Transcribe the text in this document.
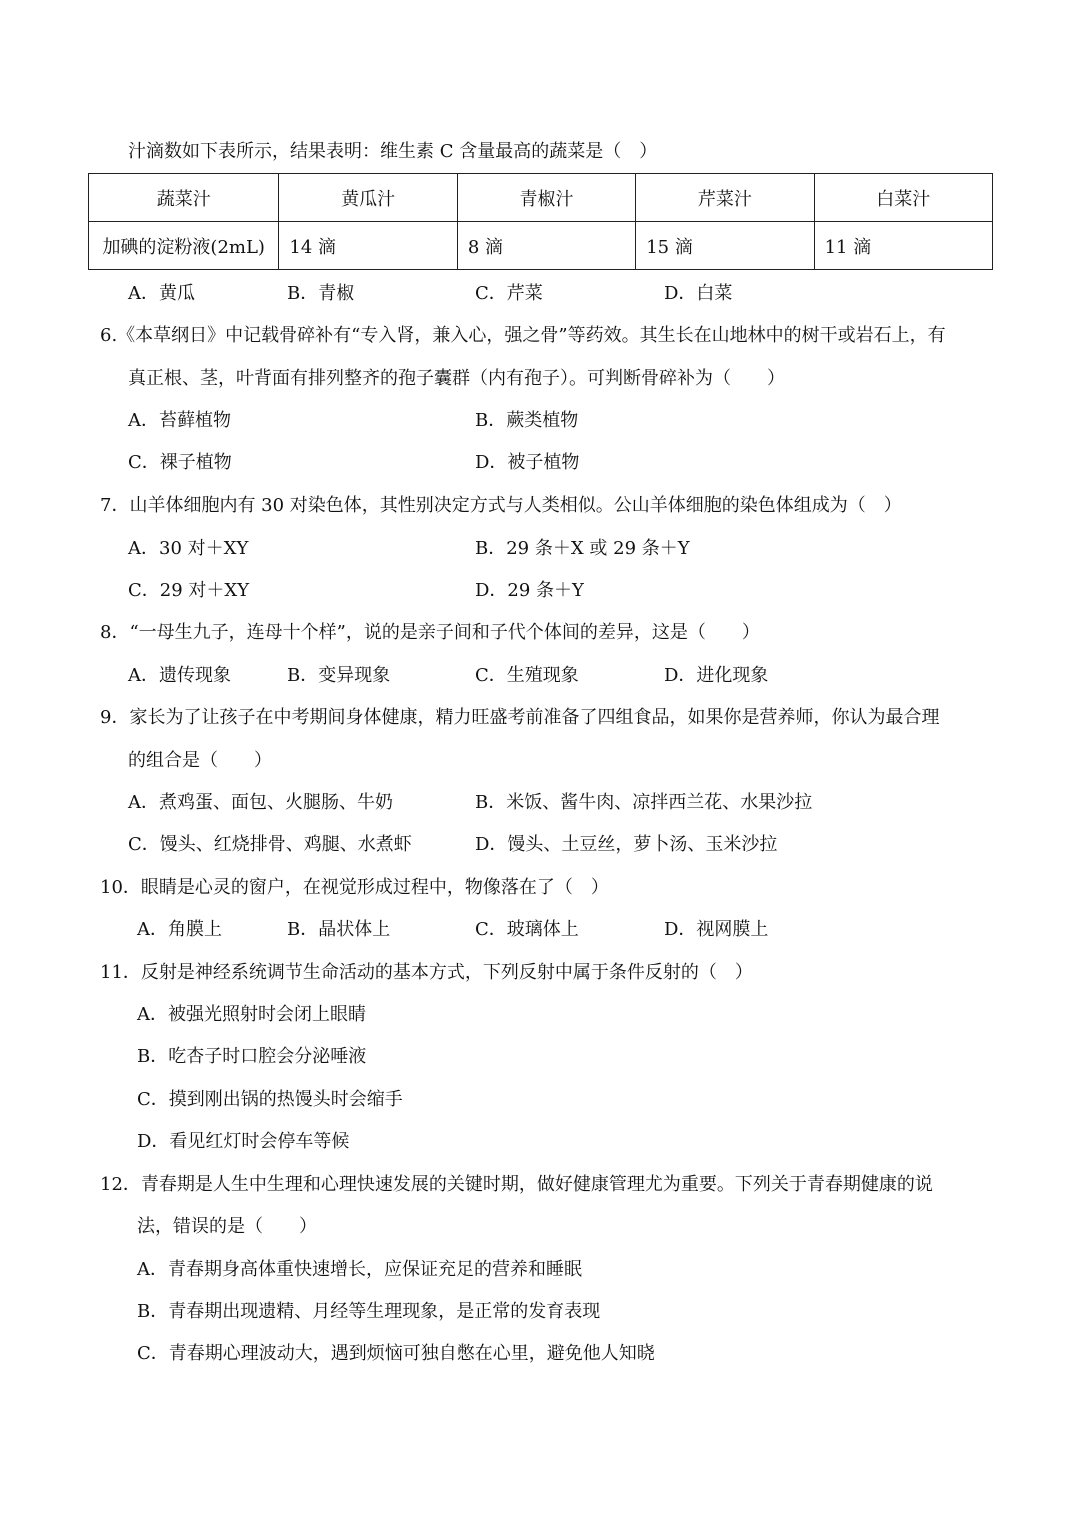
汁滴数如下表所示，结果表明：维生素 C 含量最高的蔬菜是（　）
蔬菜汁	黄瓜汁	青椒汁	芹菜汁	白菜汁
加碘的淀粉液(2mL)	14 滴	8 滴	15 滴	11 滴
A．黄瓜	B．青椒	C．芹菜	D．白菜
6.《本草纲日》中记载骨碎补有“专入肾，兼入心，强之骨”等药效。其生长在山地林中的树干或岩石上，有
真正根、茎，叶背面有排列整齐的孢子囊群（内有孢子）。可判断骨碎补为（　　）
A．苔藓植物	B．蕨类植物
C．裸子植物	D．被子植物
7．山羊体细胞内有 30 对染色体，其性别决定方式与人类相似。公山羊体细胞的染色体组成为（　）
A．30 对＋XY	B．29 条＋X 或 29 条＋Y
C．29 对＋XY	D．29 条＋Y
8．“一母生九子，连母十个样”，说的是亲子间和子代个体间的差异，这是（　　）
A．遗传现象	B．变异现象	C．生殖现象	D．进化现象
9．家长为了让孩子在中考期间身体健康，精力旺盛考前准备了四组食品，如果你是营养师，你认为最合理
的组合是（　　）
A．煮鸡蛋、面包、火腿肠、牛奶	B．米饭、酱牛肉、凉拌西兰花、水果沙拉
C．馒头、红烧排骨、鸡腿、水煮虾	D．馒头、土豆丝，萝卜汤、玉米沙拉
10．眼睛是心灵的窗户，在视觉形成过程中，物像落在了（　）
A．角膜上	B．晶状体上	C．玻璃体上	D．视网膜上
11．反射是神经系统调节生命活动的基本方式，下列反射中属于条件反射的（　）
A．被强光照射时会闭上眼睛
B．吃杏子时口腔会分泌唾液
C．摸到刚出锅的热馒头时会缩手
D．看见红灯时会停车等候
12．青春期是人生中生理和心理快速发展的关键时期，做好健康管理尤为重要。下列关于青春期健康的说
法，错误的是（　　）
A．青春期身高体重快速增长，应保证充足的营养和睡眠
B．青春期出现遗精、月经等生理现象，是正常的发育表现
C．青春期心理波动大，遇到烦恼可独自憋在心里，避免他人知晓
